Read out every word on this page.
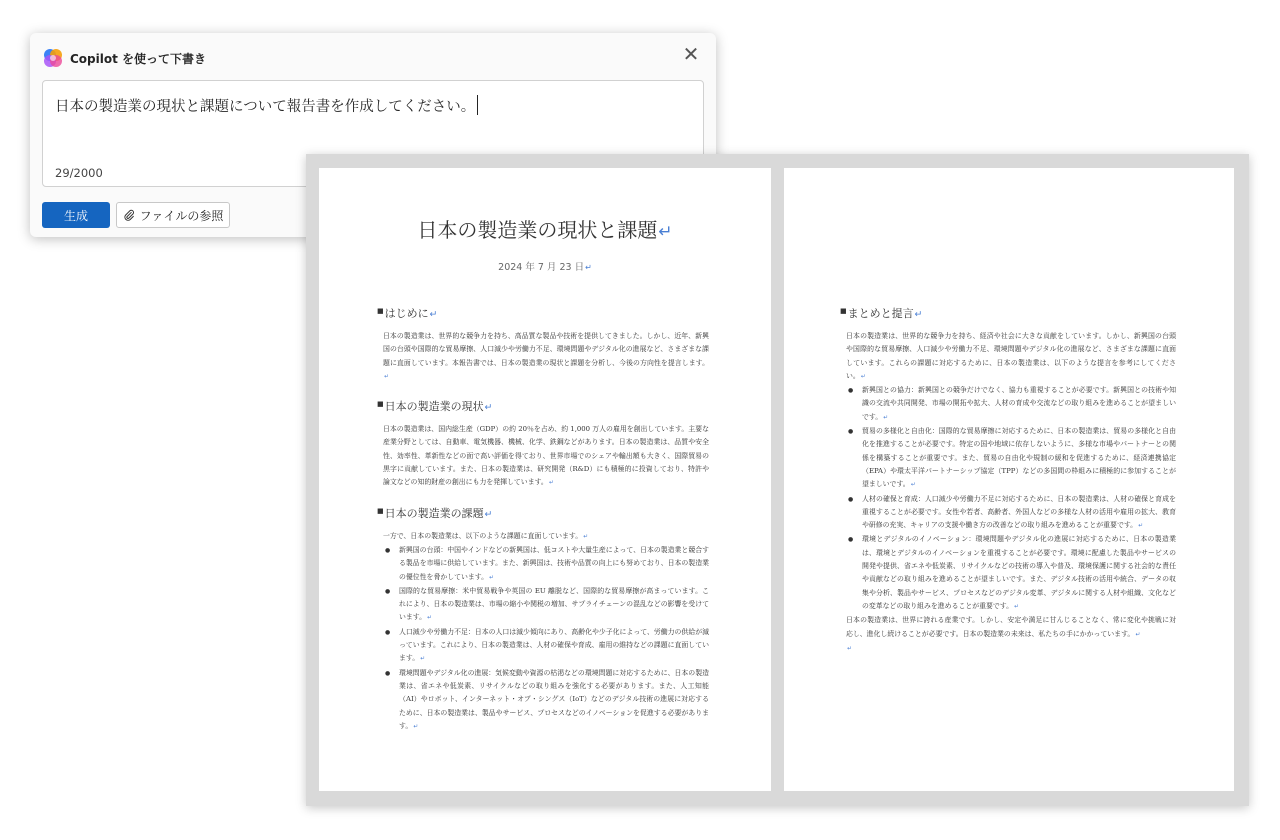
Copilot を使って下書き	✕
日本の製造業の現状と課題について報告書を作成してください。
29/2000
生成	ファイルの参照
日本の製造業の現状と課題↵
2024 年 7 月 23 日↵
■はじめに↵

日本の製造業は、世界的な競争力を持ち、高品質な製品や技術を提供してきました。しかし、近年、新興国の台頭や国際的な貿易摩擦、人口減少や労働力不足、環境問題やデジタル化の進展など、さまざまな課題に直面しています。本報告書では、日本の製造業の現状と課題を分析し、今後の方向性を提言します。↵

■日本の製造業の現状↵

日本の製造業は、国内総生産（GDP）の約 20％を占め、約 1,000 万人の雇用を創出しています。主要な産業分野としては、自動車、電気機器、機械、化学、鉄鋼などがあります。日本の製造業は、品質や安全性、効率性、革新性などの面で高い評価を得ており、世界市場でのシェアや輸出額も大きく、国際貿易の黒字に貢献しています。また、日本の製造業は、研究開発（R&D）にも積極的に投資しており、特許や論文などの知的財産の創出にも力を発揮しています。↵

■日本の製造業の課題↵

一方で、日本の製造業は、以下のような課題に直面しています。↵

● 新興国の台頭：中国やインドなどの新興国は、低コストや大量生産によって、日本の製造業と競合する製品を市場に供給しています。また、新興国は、技術や品質の向上にも努めており、日本の製造業の優位性を脅かしています。↵
● 国際的な貿易摩擦：米中貿易戦争や英国の EU 離脱など、国際的な貿易摩擦が高まっています。これにより、日本の製造業は、市場の縮小や関税の増加、サプライチェーンの混乱などの影響を受けています。↵
● 人口減少や労働力不足：日本の人口は減少傾向にあり、高齢化や少子化によって、労働力の供給が減っています。これにより、日本の製造業は、人材の確保や育成、雇用の維持などの課題に直面しています。↵
● 環境問題やデジタル化の進展：気候変動や資源の枯渇などの環境問題に対応するために、日本の製造業は、省エネや低炭素、リサイクルなどの取り組みを強化する必要があります。また、人工知能（AI）やロボット、インターネット・オブ・シングス（IoT）などのデジタル技術の進展に対応するために、日本の製造業は、製品やサービス、プロセスなどのイノベーションを促進する必要があります。↵
■まとめと提言↵

日本の製造業は、世界的な競争力を持ち、経済や社会に大きな貢献をしています。しかし、新興国の台頭や国際的な貿易摩擦、人口減少や労働力不足、環境問題やデジタル化の進展など、さまざまな課題に直面しています。これらの課題に対応するために、日本の製造業は、以下のような提言を参考にしてください。↵

● 新興国との協力：新興国との競争だけでなく、協力も重視することが必要です。新興国との技術や知識の交流や共同開発、市場の開拓や拡大、人材の育成や交流などの取り組みを進めることが望ましいです。↵
● 貿易の多様化と自由化：国際的な貿易摩擦に対応するために、日本の製造業は、貿易の多様化と自由化を推進することが必要です。特定の国や地域に依存しないように、多様な市場やパートナーとの関係を構築することが重要です。また、貿易の自由化や規制の緩和を促進するために、経済連携協定（EPA）や環太平洋パートナーシップ協定（TPP）などの多国間の枠組みに積極的に参加することが望ましいです。↵
● 人材の確保と育成：人口減少や労働力不足に対応するために、日本の製造業は、人材の確保と育成を重視することが必要です。女性や若者、高齢者、外国人などの多様な人材の活用や雇用の拡大、教育や研修の充実、キャリアの支援や働き方の改善などの取り組みを進めることが重要です。↵
● 環境とデジタルのイノベーション：環境問題やデジタル化の進展に対応するために、日本の製造業は、環境とデジタルのイノベーションを重視することが必要です。環境に配慮した製品やサービスの開発や提供、省エネや低炭素、リサイクルなどの技術の導入や普及、環境保護に関する社会的な責任や貢献などの取り組みを進めることが望ましいです。また、デジタル技術の活用や統合、データの収集や分析、製品やサービス、プロセスなどのデジタル変革、デジタルに関する人材や組織、文化などの変革などの取り組みを進めることが重要です。↵

日本の製造業は、世界に誇れる産業です。しかし、安定や満足に甘んじることなく、常に変化や挑戦に対応し、進化し続けることが必要です。日本の製造業の未来は、私たちの手にかかっています。↵

↵
